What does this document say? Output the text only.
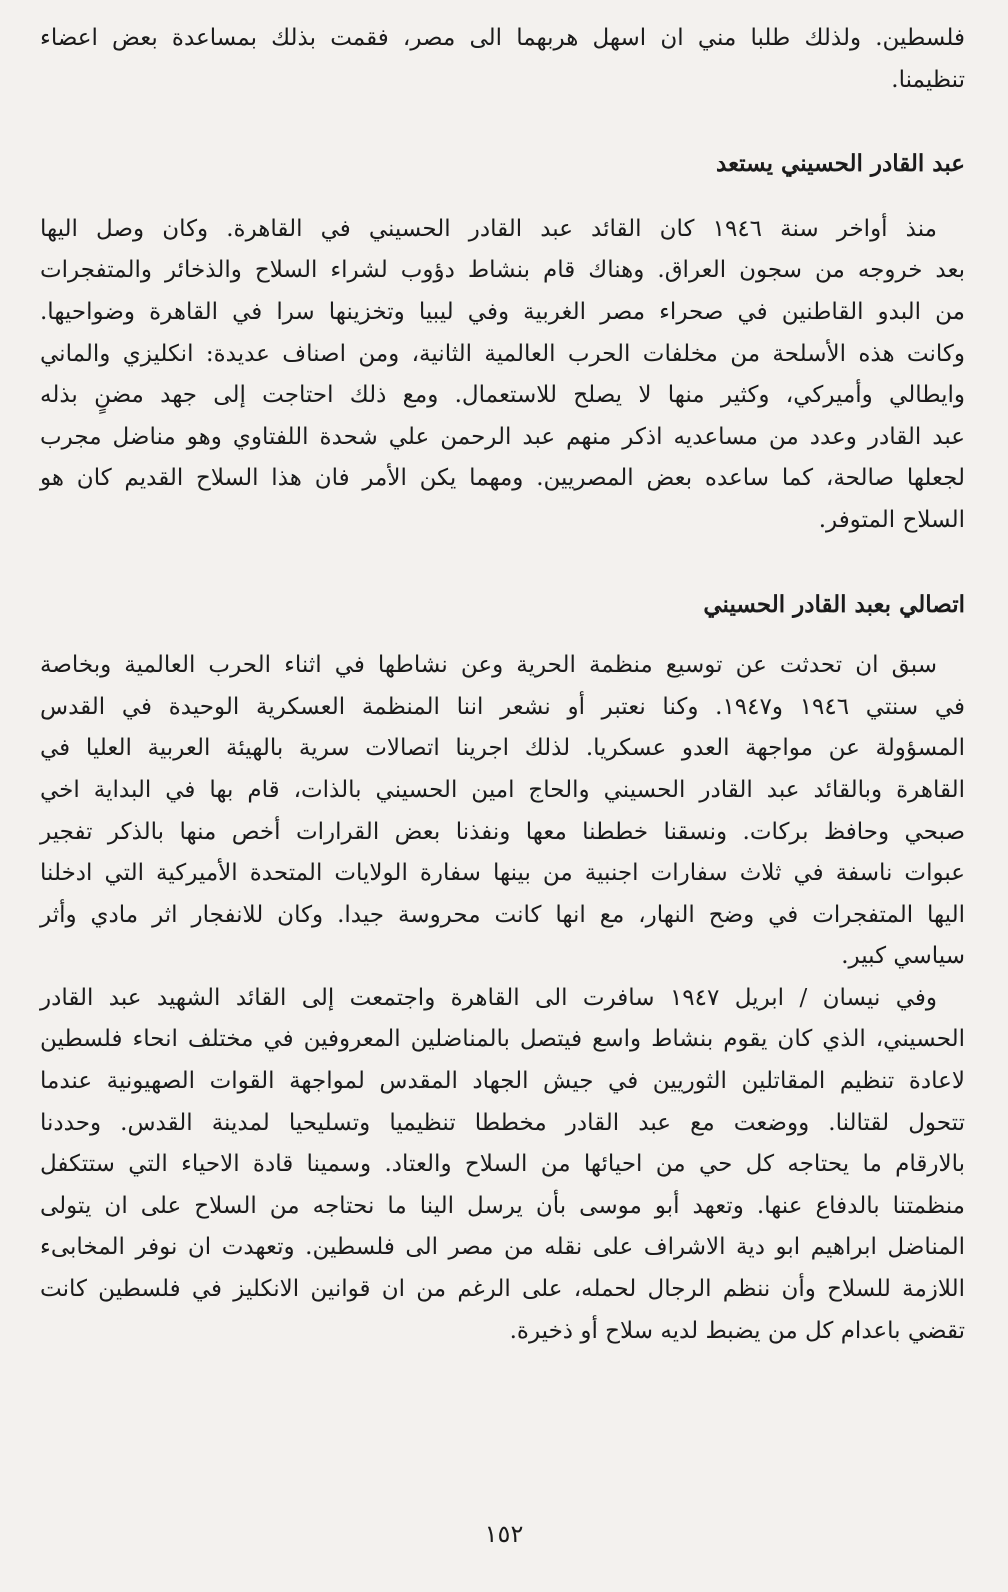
فلسطين. ولذلك طلبا مني ان اسهل هربهما الى مصر، فقمت بذلك بمساعدة بعض اعضاء
تنظيمنا.
عبد القادر الحسيني يستعد
منذ أواخر سنة ١٩٤٦ كان القائد عبد القادر الحسيني في القاهرة. وكان وصل اليها
بعد خروجه من سجون العراق. وهناك قام بنشاط دؤوب لشراء السلاح والذخائر والمتفجرات
من البدو القاطنين في صحراء مصر الغربية وفي ليبيا وتخزينها سرا في القاهرة وضواحيها.
وكانت هذه الأسلحة من مخلفات الحرب العالمية الثانية، ومن اصناف عديدة: انكليزي والماني
وايطالي وأميركي، وكثير منها لا يصلح للاستعمال. ومع ذلك احتاجت إلى جهد مضنٍ بذله
عبد القادر وعدد من مساعديه اذكر منهم عبد الرحمن علي شحدة اللفتاوي وهو مناضل مجرب
لجعلها صالحة، كما ساعده بعض المصريين. ومهما يكن الأمر فان هذا السلاح القديم كان هو
السلاح المتوفر.
اتصالي بعبد القادر الحسيني
سبق ان تحدثت عن توسيع منظمة الحرية وعن نشاطها في اثناء الحرب العالمية وبخاصة
في سنتي ١٩٤٦ و١٩٤٧. وكنا نعتبر أو نشعر اننا المنظمة العسكرية الوحيدة في القدس
المسؤولة عن مواجهة العدو عسكريا. لذلك اجرينا اتصالات سرية بالهيئة العربية العليا في
القاهرة وبالقائد عبد القادر الحسيني والحاج امين الحسيني بالذات، قام بها في البداية اخي
صبحي وحافظ بركات. ونسقنا خططنا معها ونفذنا بعض القرارات أخص منها بالذكر تفجير
عبوات ناسفة في ثلاث سفارات اجنبية من بينها سفارة الولايات المتحدة الأميركية التي ادخلنا
اليها المتفجرات في وضح النهار، مع انها كانت محروسة جيدا. وكان للانفجار اثر مادي وأثر
سياسي كبير.
وفي نيسان / ابريل ١٩٤٧ سافرت الى القاهرة واجتمعت إلى القائد الشهيد عبد القادر
الحسيني، الذي كان يقوم بنشاط واسع فيتصل بالمناضلين المعروفين في مختلف انحاء فلسطين
لاعادة تنظيم المقاتلين الثوريين في جيش الجهاد المقدس لمواجهة القوات الصهيونية عندما
تتحول لقتالنا. ووضعت مع عبد القادر مخططا تنظيميا وتسليحيا لمدينة القدس. وحددنا
بالارقام ما يحتاجه كل حي من احيائها من السلاح والعتاد. وسمينا قادة الاحياء التي ستتكفل
منظمتنا بالدفاع عنها. وتعهد أبو موسى بأن يرسل الينا ما نحتاجه من السلاح على ان يتولى
المناضل ابراهيم ابو دية الاشراف على نقله من مصر الى فلسطين. وتعهدت ان نوفر المخابىء
اللازمة للسلاح وأن ننظم الرجال لحمله، على الرغم من ان قوانين الانكليز في فلسطين كانت
تقضي باعدام كل من يضبط لديه سلاح أو ذخيرة.
١٥٢
